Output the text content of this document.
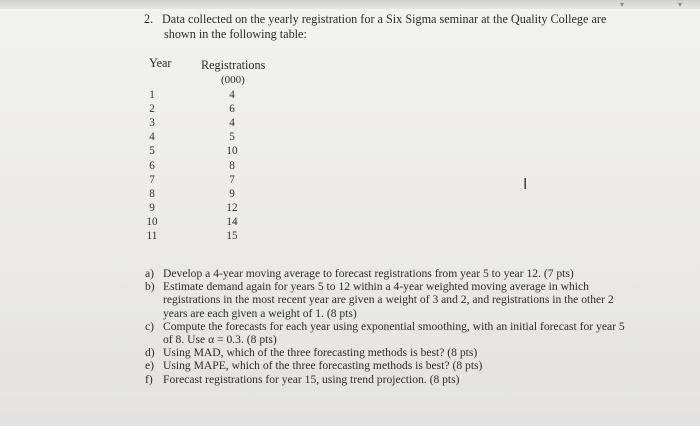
▾	▾
2. Data collected on the yearly registration for a Six Sigma seminar at the Quality College are
shown in the following table:
Year Registrations
(000)
1
2
3
4
5
6
7
8
9
10
11
4
6
4
5
10
8
7
9
12
14
15
I
a) Develop a 4-year moving average to forecast registrations from year 5 to year 12. (7 pts)
b) Estimate demand again for years 5 to 12 within a 4-year weighted moving average in which registrations in the most recent year are given a weight of 3 and 2, and registrations in the other 2 years are each given a weight of 1. (8 pts)
c) Compute the forecasts for each year using exponential smoothing, with an initial forecast for year 5 of 8. Use α = 0.3. (8 pts)
d) Using MAD, which of the three forecasting methods is best? (8 pts)
e) Using MAPE, which of the three forecasting methods is best? (8 pts)
f) Forecast registrations for year 15, using trend projection. (8 pts)
